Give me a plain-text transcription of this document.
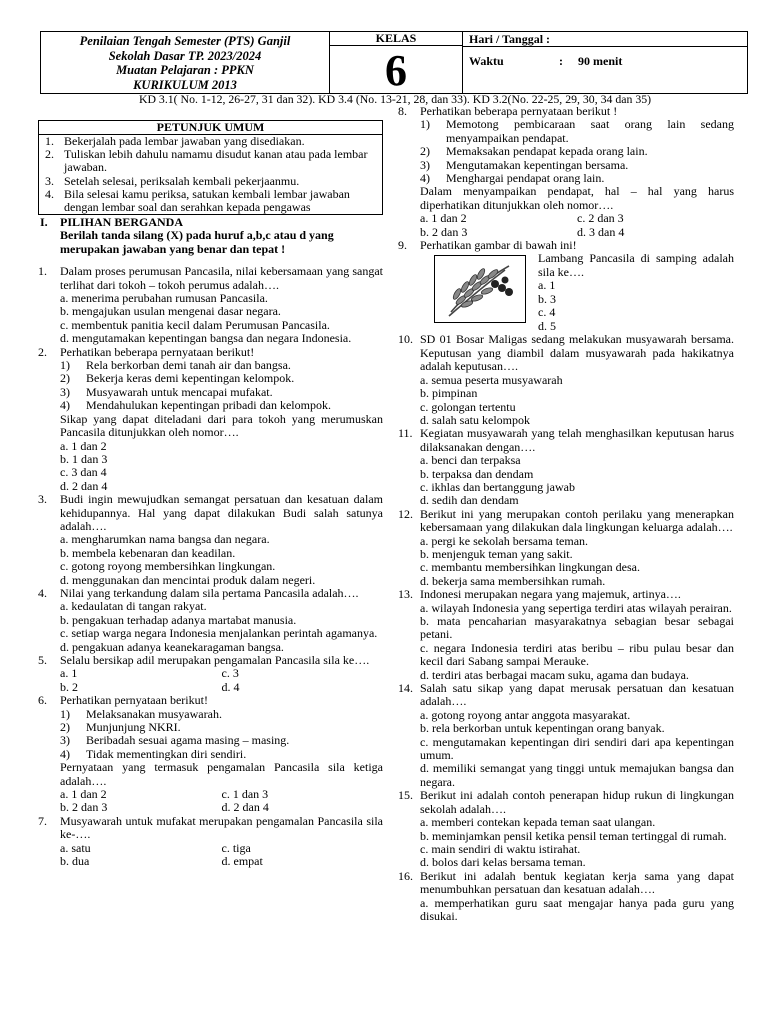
Penilaian Tengah Semester (PTS) Ganjil
Sekolah Dasar TP. 2023/2024
Muatan Pelajaran : PPKN
KURIKULUM 2013
KELAS
6
Hari / Tanggal :
Waktu	:     90 menit
KD 3.1( No. 1-12, 26-27, 31 dan 32). KD 3.4 (No. 13-21, 28, dan 33). KD 3.2(No. 22-25, 29, 30, 34 dan 35)
PETUNJUK UMUM
1. Bekerjalah pada lembar jawaban yang disediakan.
2. Tuliskan lebih dahulu namamu disudut kanan atau pada lembar jawaban.
3. Setelah selesai, periksalah kembali pekerjaanmu.
4. Bila selesai kamu periksa, satukan kembali lembar jawaban dengan lembar soal dan serahkan kepada pengawas
I.	PILIHAN BERGANDA
Berilah tanda silang (X) pada huruf a,b,c atau d yang merupakan jawaban yang benar dan tepat !
1.	Dalam proses perumusan Pancasila, nilai kebersamaan yang sangat terlihat dari tokoh – tokoh perumus adalah….
a. menerima perubahan rumusan Pancasila.
b. mengajukan usulan mengenai dasar negara.
c. membentuk panitia kecil dalam Perumusan Pancasila.
d. mengutamakan kepentingan bangsa dan negara Indonesia.
2.	Perhatikan beberapa pernyataan berikut!
1)	Rela berkorban demi tanah air dan bangsa.
2)	Bekerja keras demi kepentingan kelompok.
3)	Musyawarah untuk mencapai mufakat.
4)	Mendahulukan kepentingan pribadi dan kelompok.
Sikap yang dapat diteladani dari para tokoh yang merumuskan Pancasila ditunjukkan oleh nomor….
a. 1 dan 2
b. 1 dan 3
c. 3 dan 4
d. 2 dan 4
3.	Budi ingin mewujudkan semangat persatuan dan kesatuan dalam kehidupannya. Hal yang dapat dilakukan Budi salah satunya adalah….
a. mengharumkan nama bangsa dan negara.
b. membela kebenaran dan keadilan.
c. gotong royong membersihkan lingkungan.
d. menggunakan dan mencintai produk dalam negeri.
4.	Nilai yang terkandung dalam sila pertama Pancasila adalah….
a. kedaulatan di tangan rakyat.
b. pengakuan terhadap adanya martabat manusia.
c. setiap warga negara Indonesia menjalankan perintah agamanya.
d. pengakuan adanya keanekaragaman bangsa.
5.	Selalu bersikap adil merupakan pengamalan Pancasila sila ke….
a. 1	c. 3
b. 2	d. 4
6.	Perhatikan pernyataan berikut!
1)	Melaksanakan musyawarah.
2)	Munjunjung NKRI.
3)	Beribadah sesuai agama masing – masing.
4)	Tidak mementingkan diri sendiri.
Pernyataan yang termasuk pengamalan Pancasila sila ketiga adalah….
a. 1 dan 2	c. 1 dan 3
b. 2 dan 3	d. 2 dan 4
7.	Musyawarah untuk mufakat merupakan pengamalan Pancasila sila ke-….
a. satu	c. tiga
b. dua	d. empat
8.	Perhatikan beberapa pernyataan berikut !
1)	Memotong pembicaraan saat orang lain sedang menyampaikan pendapat.
2)	Memaksakan pendapat kepada orang lain.
3)	Mengutamakan kepentingan bersama.
4)	Menghargai pendapat orang lain.
Dalam menyampaikan pendapat, hal – hal yang harus diperhatikan ditunjukkan oleh nomor….
a. 1 dan 2	c. 2 dan 3
b. 2 dan 3	d. 3 dan 4
9.	Perhatikan gambar di bawah ini!
Lambang Pancasila di samping adalah sila ke….
a. 1
b. 3
c. 4
d. 5
10. SD 01 Bosar Maligas sedang melakukan musyawarah bersama. Keputusan yang diambil dalam musyawarah pada hakikatnya adalah keputusan….
a. semua peserta musyawarah
b. pimpinan
c. golongan tertentu
d. salah satu kelompok
11. Kegiatan musyawarah yang telah menghasilkan keputusan harus dilaksanakan dengan….
a. benci dan terpaksa
b. terpaksa dan dendam
c. ikhlas dan bertanggung jawab
d. sedih dan dendam
12. Berikut ini yang merupakan contoh perilaku yang menerapkan kebersamaan yang dilakukan dala lingkungan keluarga adalah….
a. pergi ke sekolah bersama teman.
b. menjenguk teman yang sakit.
c. membantu membersihkan lingkungan desa.
d. bekerja sama membersihkan rumah.
13. Indonesi merupakan negara yang majemuk, artinya….
a. wilayah Indonesia yang sepertiga terdiri atas wilayah perairan.
b. mata pencaharian masyarakatnya sebagian besar sebagai petani.
c. negara Indonesia terdiri atas beribu – ribu pulau besar dan kecil dari Sabang sampai Merauke.
d. terdiri atas berbagai macam suku, agama dan budaya.
14. Salah satu sikap yang dapat merusak persatuan dan kesatuan adalah….
a. gotong royong antar anggota masyarakat.
b. rela berkorban untuk kepentingan orang banyak.
c. mengutamakan kepentingan diri sendiri dari apa kepentingan umum.
d. memiliki semangat yang tinggi untuk memajukan bangsa dan negara.
15. Berikut ini adalah contoh penerapan hidup rukun di lingkungan sekolah adalah….
a. memberi contekan kepada teman saat ulangan.
b. meminjamkan pensil ketika pensil teman tertinggal di rumah.
c. main sendiri di waktu istirahat.
d. bolos dari kelas bersama teman.
16. Berikut ini adalah bentuk kegiatan kerja sama yang dapat menumbuhkan persatuan dan kesatuan adalah….
a. memperhatikan guru saat mengajar hanya pada guru yang disukai.
